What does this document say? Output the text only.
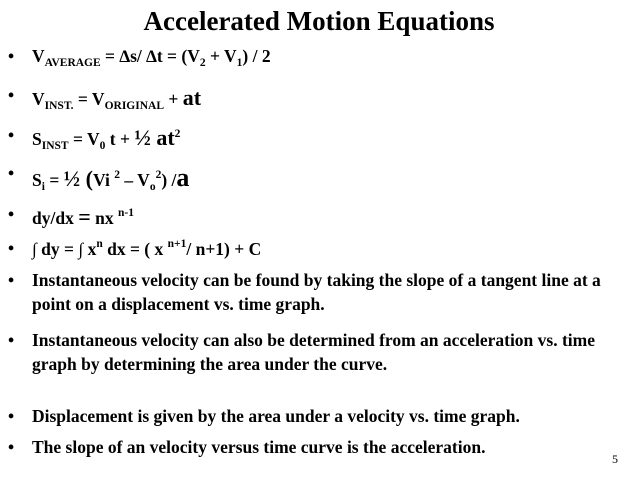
Accelerated Motion Equations
•	$V_{AVERAGE} = \Delta s/$ $\Delta t = (V_2 + V_1) / 2$
•	$V_{INST.} = V_{ORIGINAL}$ + at
•	$S_{INST} = V_0$ t + ½ $at^2$
•	$S_i$ = ½ (Vi $^2 - V_o^2$) /a
•	dy/dx = nx $^{n-1}$
•	∫ dy = ∫ $x^n$ dx = ( x $^{n+1}$/ n+1) + C
•	Instantaneous velocity can be found by taking the slope of a tangent line at a point on a displacement vs. time graph.
•	Instantaneous velocity can also be determined from an acceleration vs. time graph by determining the area under the curve.
•	Displacement is given by the area under a velocity vs. time graph.
•	The slope of an velocity versus time curve is the acceleration.
5
